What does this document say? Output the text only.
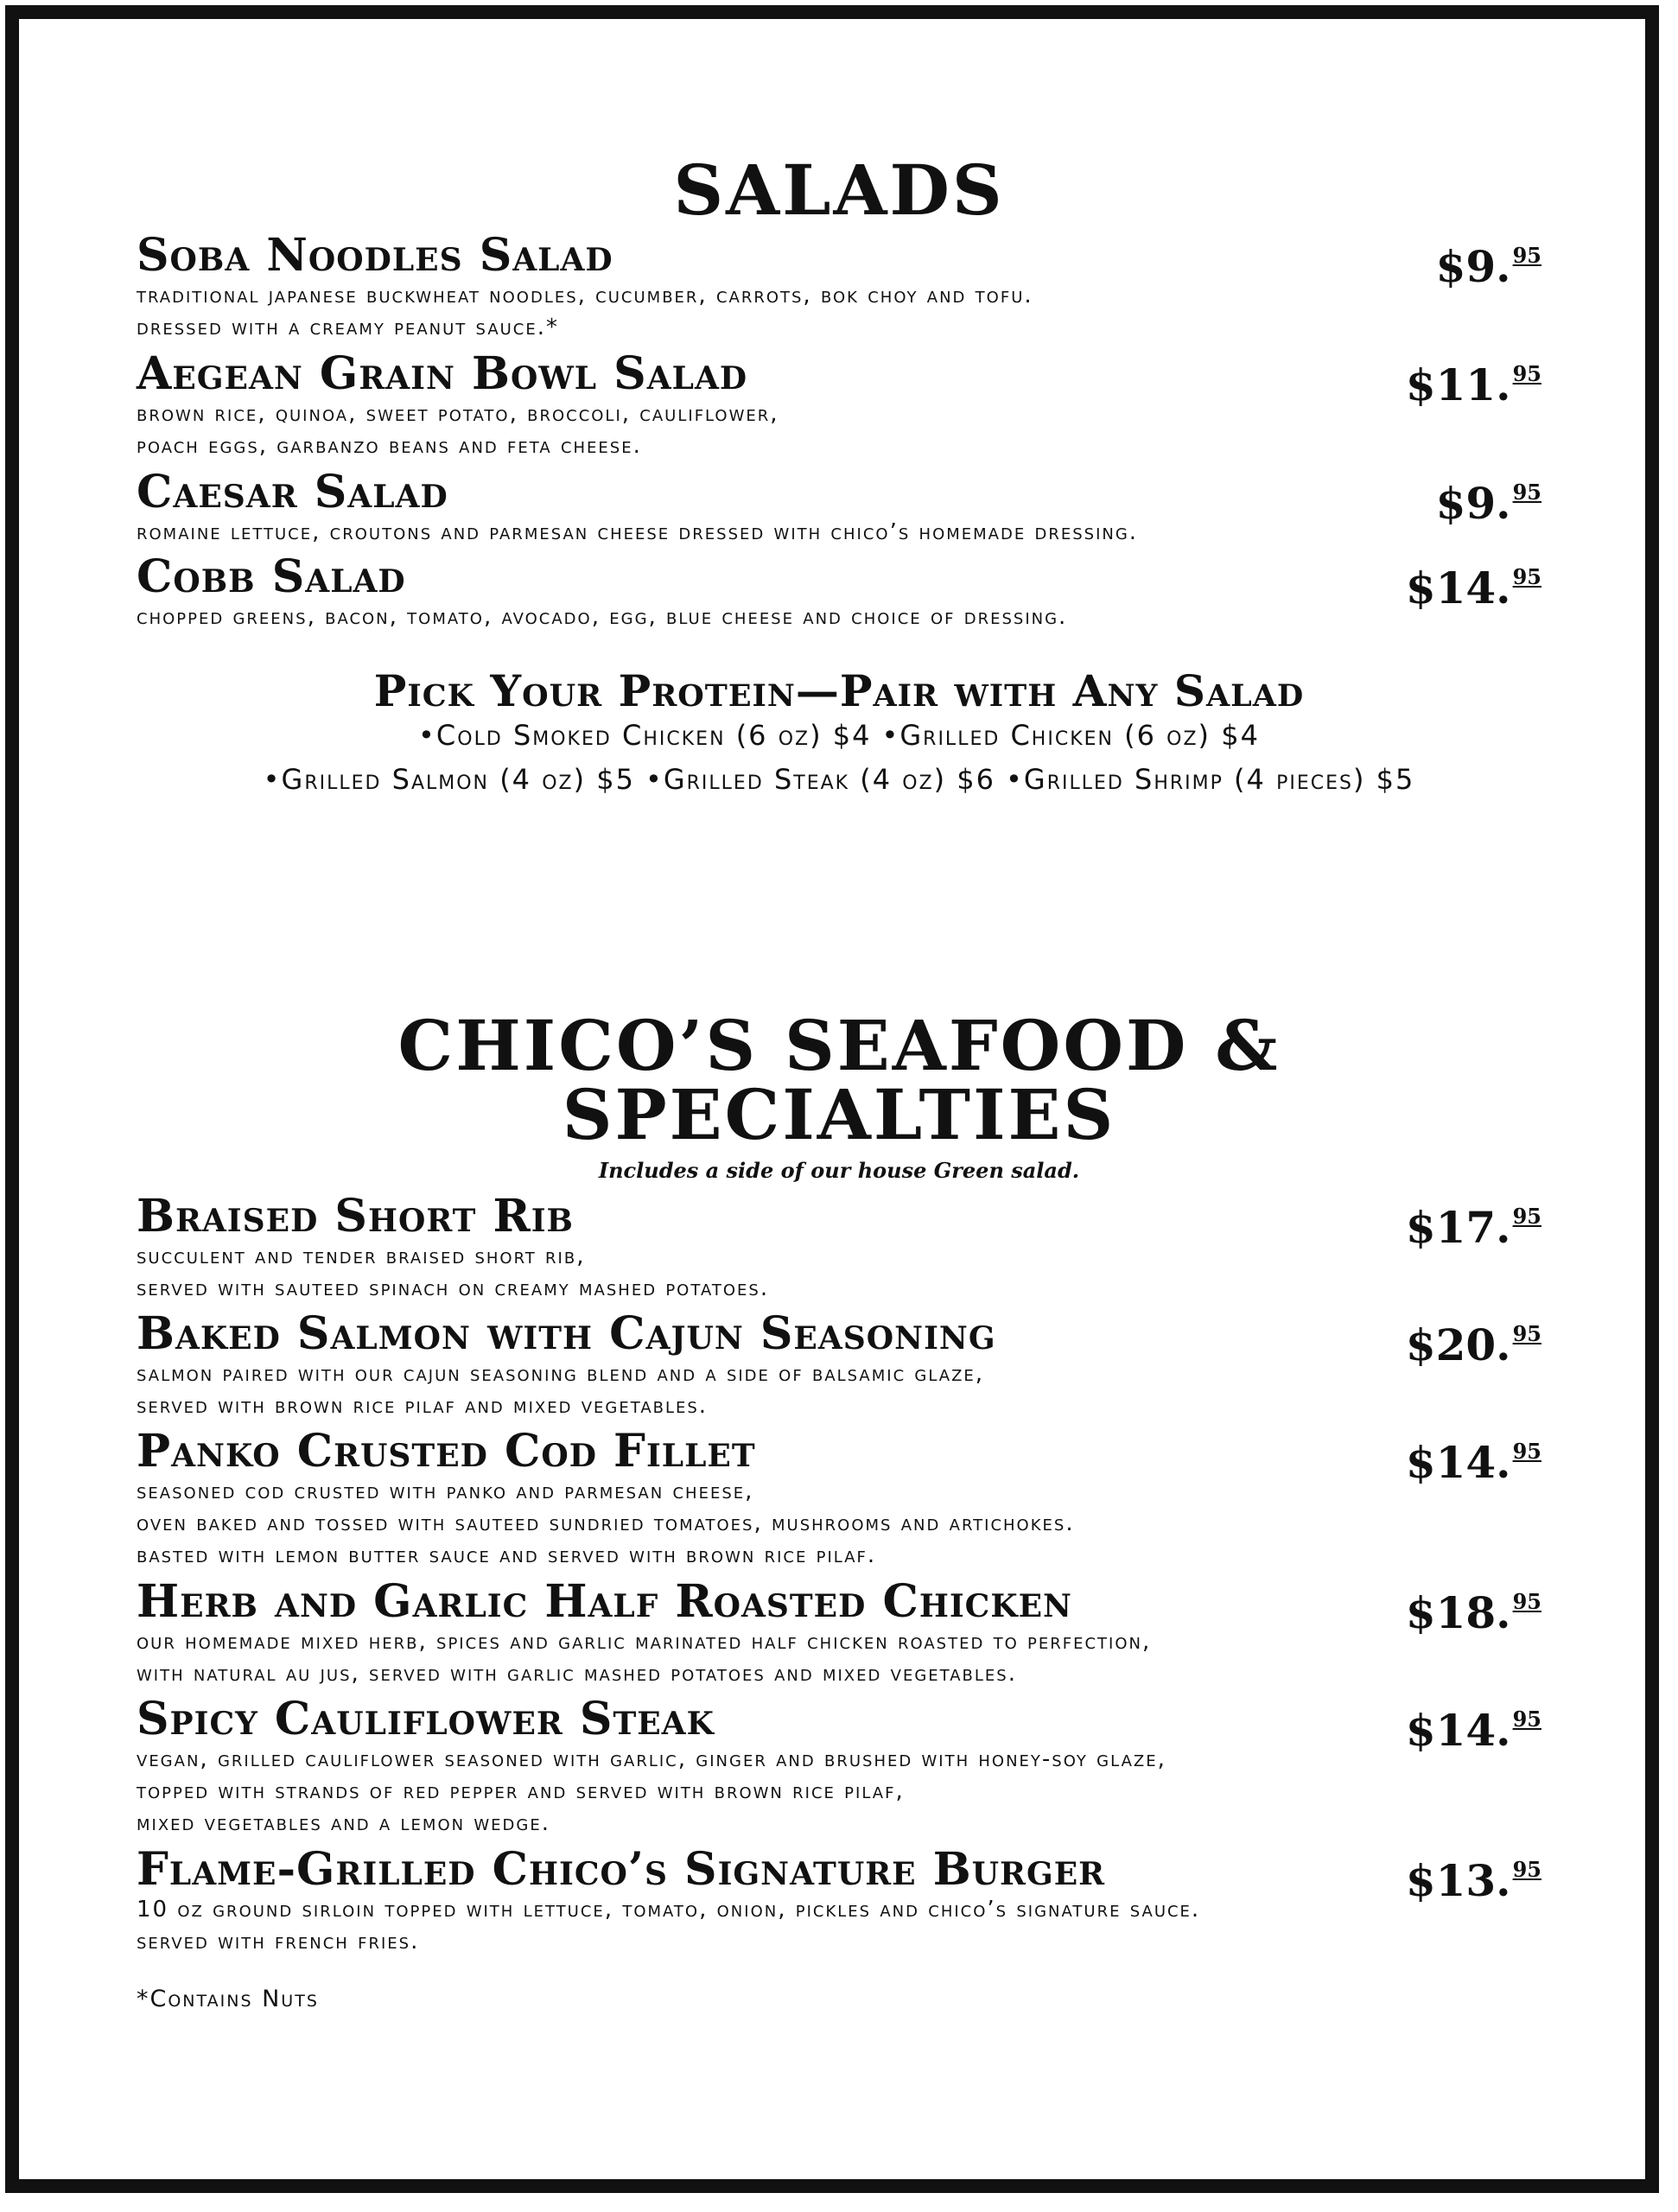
SALADS
Soba Noodles Salad	$9.95
traditional japanese buckwheat noodles, cucumber, carrots, bok choy and tofu.
dressed with a creamy peanut sauce.*
Aegean Grain Bowl Salad	$11.95
brown rice, quinoa, sweet potato, broccoli, cauliflower,
poach eggs, garbanzo beans and feta cheese.
Caesar Salad	$9.95
romaine lettuce, croutons and parmesan cheese dressed with chico’s homemade dressing.
Cobb Salad	$14.95
chopped greens, bacon, tomato, avocado, egg, blue cheese and choice of dressing.
Pick Your Protein—Pair with Any Salad
•Cold Smoked Chicken (6 oz) $4 •Grilled Chicken (6 oz) $4
•Grilled Salmon (4 oz) $5 •Grilled Steak (4 oz) $6 •Grilled Shrimp (4 pieces) $5
CHICO’S SEAFOOD &
SPECIALTIES
Includes a side of our house Green salad.
Braised Short Rib	$17.95
succulent and tender braised short rib,
served with sauteed spinach on creamy mashed potatoes.
Baked Salmon with Cajun Seasoning	$20.95
salmon paired with our cajun seasoning blend and a side of balsamic glaze,
served with brown rice pilaf and mixed vegetables.
Panko Crusted Cod Fillet	$14.95
seasoned cod crusted with panko and parmesan cheese,
oven baked and tossed with sauteed sundried tomatoes, mushrooms and artichokes.
basted with lemon butter sauce and served with brown rice pilaf.
Herb and Garlic Half Roasted Chicken	$18.95
our homemade mixed herb, spices and garlic marinated half chicken roasted to perfection,
with natural au jus, served with garlic mashed potatoes and mixed vegetables.
Spicy Cauliflower Steak	$14.95
vegan, grilled cauliflower seasoned with garlic, ginger and brushed with honey-soy glaze,
topped with strands of red pepper and served with brown rice pilaf,
mixed vegetables and a lemon wedge.
Flame-Grilled Chico’s Signature Burger	$13.95
10 oz ground sirloin topped with lettuce, tomato, onion, pickles and chico’s signature sauce.
served with french fries.
*Contains Nuts
